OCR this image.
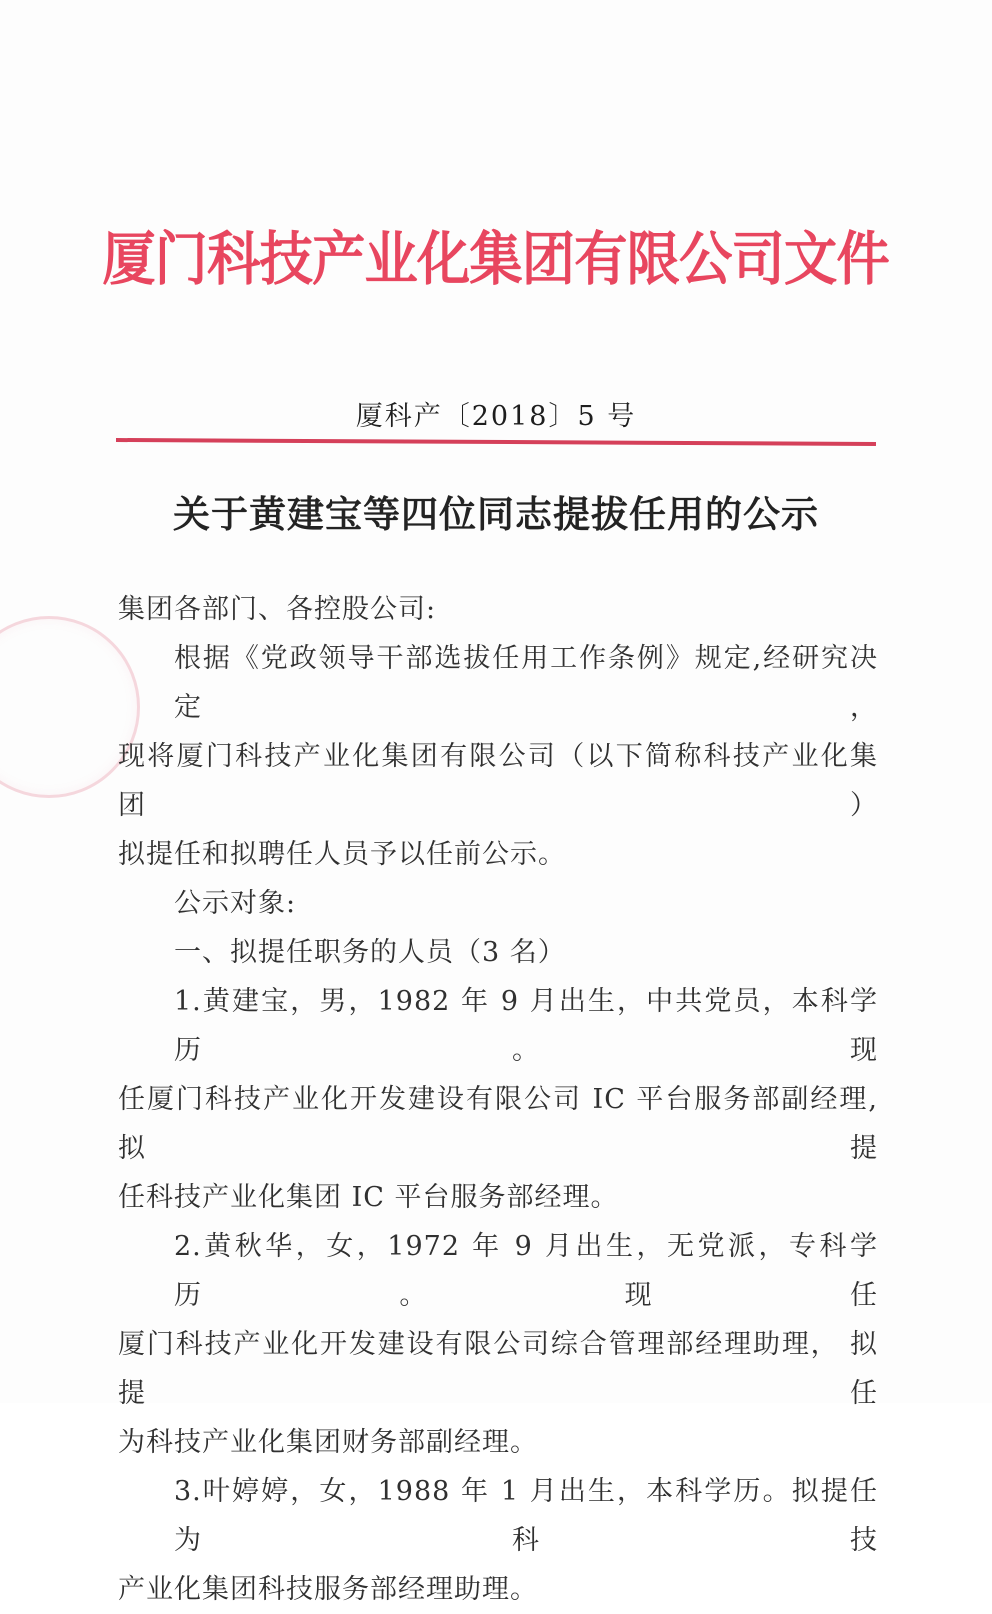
厦门科技产业化集团有限公司文件
厦科产〔2018〕5 号
关于黄建宝等四位同志提拔任用的公示
集团各部门、各控股公司:
根据《党政领导干部选拔任用工作条例》规定,经研究决定，
现将厦门科技产业化集团有限公司（以下简称科技产业化集团）
拟提任和拟聘任人员予以任前公示。
公示对象:
一、拟提任职务的人员（3 名）
1.黄建宝，男，1982 年 9 月出生，中共党员，本科学历。现
任厦门科技产业化开发建设有限公司 IC 平台服务部副经理,拟提
任科技产业化集团 IC 平台服务部经理。
2.黄秋华，女，1972 年 9 月出生，无党派，专科学历。现任
厦门科技产业化开发建设有限公司综合管理部经理助理， 拟提任
为科技产业化集团财务部副经理。
3.叶婷婷，女，1988 年 1 月出生，本科学历。拟提任为科技
产业化集团科技服务部经理助理。
